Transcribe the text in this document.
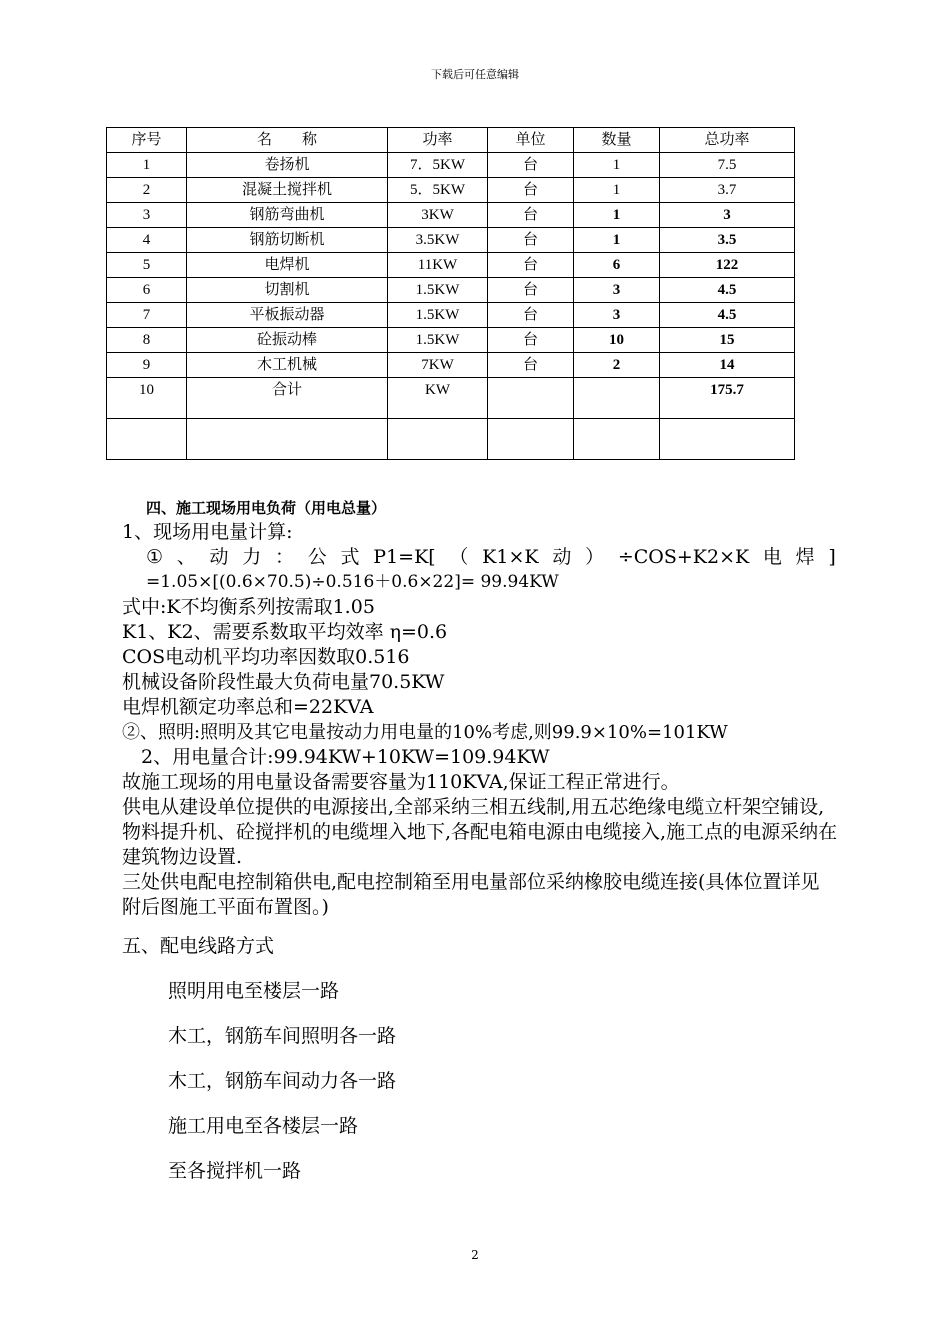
下载后可任意编辑
序号	名　　称	功率	单位	数量	总功率
1	卷扬机	7．5KW	台	1	7.5
2	混凝土搅拌机	5．5KW	台	1	3.7
3	钢筋弯曲机	3KW	台	1	3
4	钢筋切断机	3.5KW	台	1	3.5
5	电焊机	11KW	台	6	122
6	切割机	1.5KW	台	3	4.5
7	平板振动器	1.5KW	台	3	4.5
8	砼振动棒	1.5KW	台	10	15
9	木工机械	7KW	台	2	14
10	合计	KW			175.7

四、施工现场用电负荷（用电总量）
1、现场用电量计算:
① 、 动 力 ： 公 式 P1=K[ （ K1×K 动 ） ÷COS+K2×K 电 焊 ]
=1.05×[(0.6×70.5)÷0.516＋0.6×22]= 99.94KW
式中:K不均衡系列按需取1.05
K1、K2、需要系数取平均效率 η=0.6
COS电动机平均功率因数取0.516
机械设备阶段性最大负荷电量70.5KW
电焊机额定功率总和=22KVA
②、照明:照明及其它电量按动力用电量的10%考虑,则99.9×10%=101KW
　2、用电量合计:99.94KW+10KW=109.94KW
故施工现场的用电量设备需要容量为110KVA,保证工程正常进行。
供电从建设单位提供的电源接出,全部采纳三相五线制,用五芯绝缘电缆立杆架空铺设,物料提升机、砼搅拌机的电缆埋入地下,各配电箱电源由电缆接入,施工点的电源采纳在建筑物边设置.
三处供电配电控制箱供电,配电控制箱至用电量部位采纳橡胶电缆连接(具体位置详见附后图施工平面布置图。)
五、配电线路方式
照明用电至楼层一路
木工，钢筋车间照明各一路
木工，钢筋车间动力各一路
施工用电至各楼层一路
至各搅拌机一路
2
